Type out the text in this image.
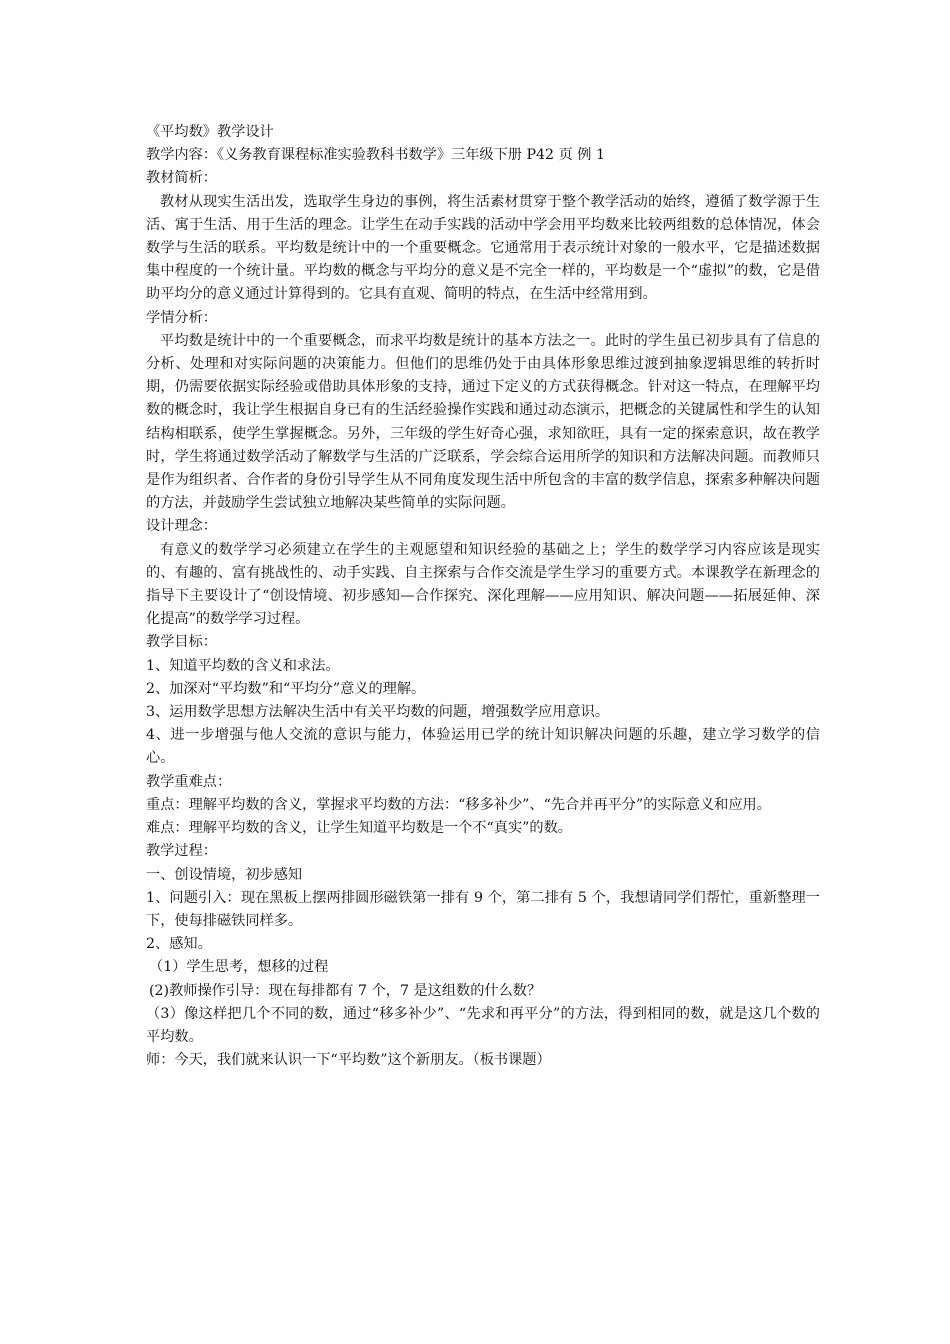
《平均数》教学设计
教学内容：《义务教育课程标准实验教科书数学》三年级下册 P42 页 例 1
教材简析：

教材从现实生活出发，选取学生身边的事例，将生活素材贯穿于整个教学活动的始终，遵循了数学源于生活、寓于生活、用于生活的理念。让学生在动手实践的活动中学会用平均数来比较两组数的总体情况，体会数学与生活的联系。平均数是统计中的一个重要概念。它通常用于表示统计对象的一般水平，它是描述数据集中程度的一个统计量。平均数的概念与平均分的意义是不完全一样的，平均数是一个“虚拟”的数，它是借助平均分的意义通过计算得到的。它具有直观、简明的特点，在生活中经常用到。

学情分析：

平均数是统计中的一个重要概念，而求平均数是统计的基本方法之一。此时的学生虽已初步具有了信息的分析、处理和对实际问题的决策能力。但他们的思维仍处于由具体形象思维过渡到抽象逻辑思维的转折时期，仍需要依据实际经验或借助具体形象的支持，通过下定义的方式获得概念。针对这一特点，在理解平均数的概念时，我让学生根据自身已有的生活经验操作实践和通过动态演示，把概念的关键属性和学生的认知结构相联系，使学生掌握概念。另外，三年级的学生好奇心强，求知欲旺，具有一定的探索意识，故在教学时，学生将通过数学活动了解数学与生活的广泛联系，学会综合运用所学的知识和方法解决问题。而教师只是作为组织者、合作者的身份引导学生从不同角度发现生活中所包含的丰富的数学信息，探索多种解决问题的方法，并鼓励学生尝试独立地解决某些简单的实际问题。

设计理念：

有意义的数学学习必须建立在学生的主观愿望和知识经验的基础之上；学生的数学学习内容应该是现实的、有趣的、富有挑战性的、动手实践、自主探索与合作交流是学生学习的重要方式。本课教学在新理念的指导下主要设计了“创设情境、初步感知—合作探究、深化理解——应用知识、解决问题——拓展延伸、深化提高”的数学学习过程。

教学目标：

1、知道平均数的含义和求法。

2、加深对“平均数”和“平均分”意义的理解。

3、运用数学思想方法解决生活中有关平均数的问题，增强数学应用意识。

4、进一步增强与他人交流的意识与能力，体验运用已学的统计知识解决问题的乐趣，建立学习数学的信心。

教学重难点：

重点：理解平均数的含义，掌握求平均数的方法：“移多补少”、“先合并再平分”的实际意义和应用。

难点：理解平均数的含义，让学生知道平均数是一个不“真实”的数。

教学过程：
一、创设情境，初步感知

1、问题引入：现在黑板上摆两排圆形磁铁第一排有 9 个，第二排有 5 个，我想请同学们帮忙，重新整理一下，使每排磁铁同样多。

2、感知。
（1）学生思考，想移的过程
(2)教师操作引导：现在每排都有 7 个，7 是这组数的什么数？

（3）像这样把几个不同的数，通过“移多补少”、“先求和再平分”的方法，得到相同的数，就是这几个数的平均数。

师：今天，我们就来认识一下“平均数”这个新朋友。（板书课题）
